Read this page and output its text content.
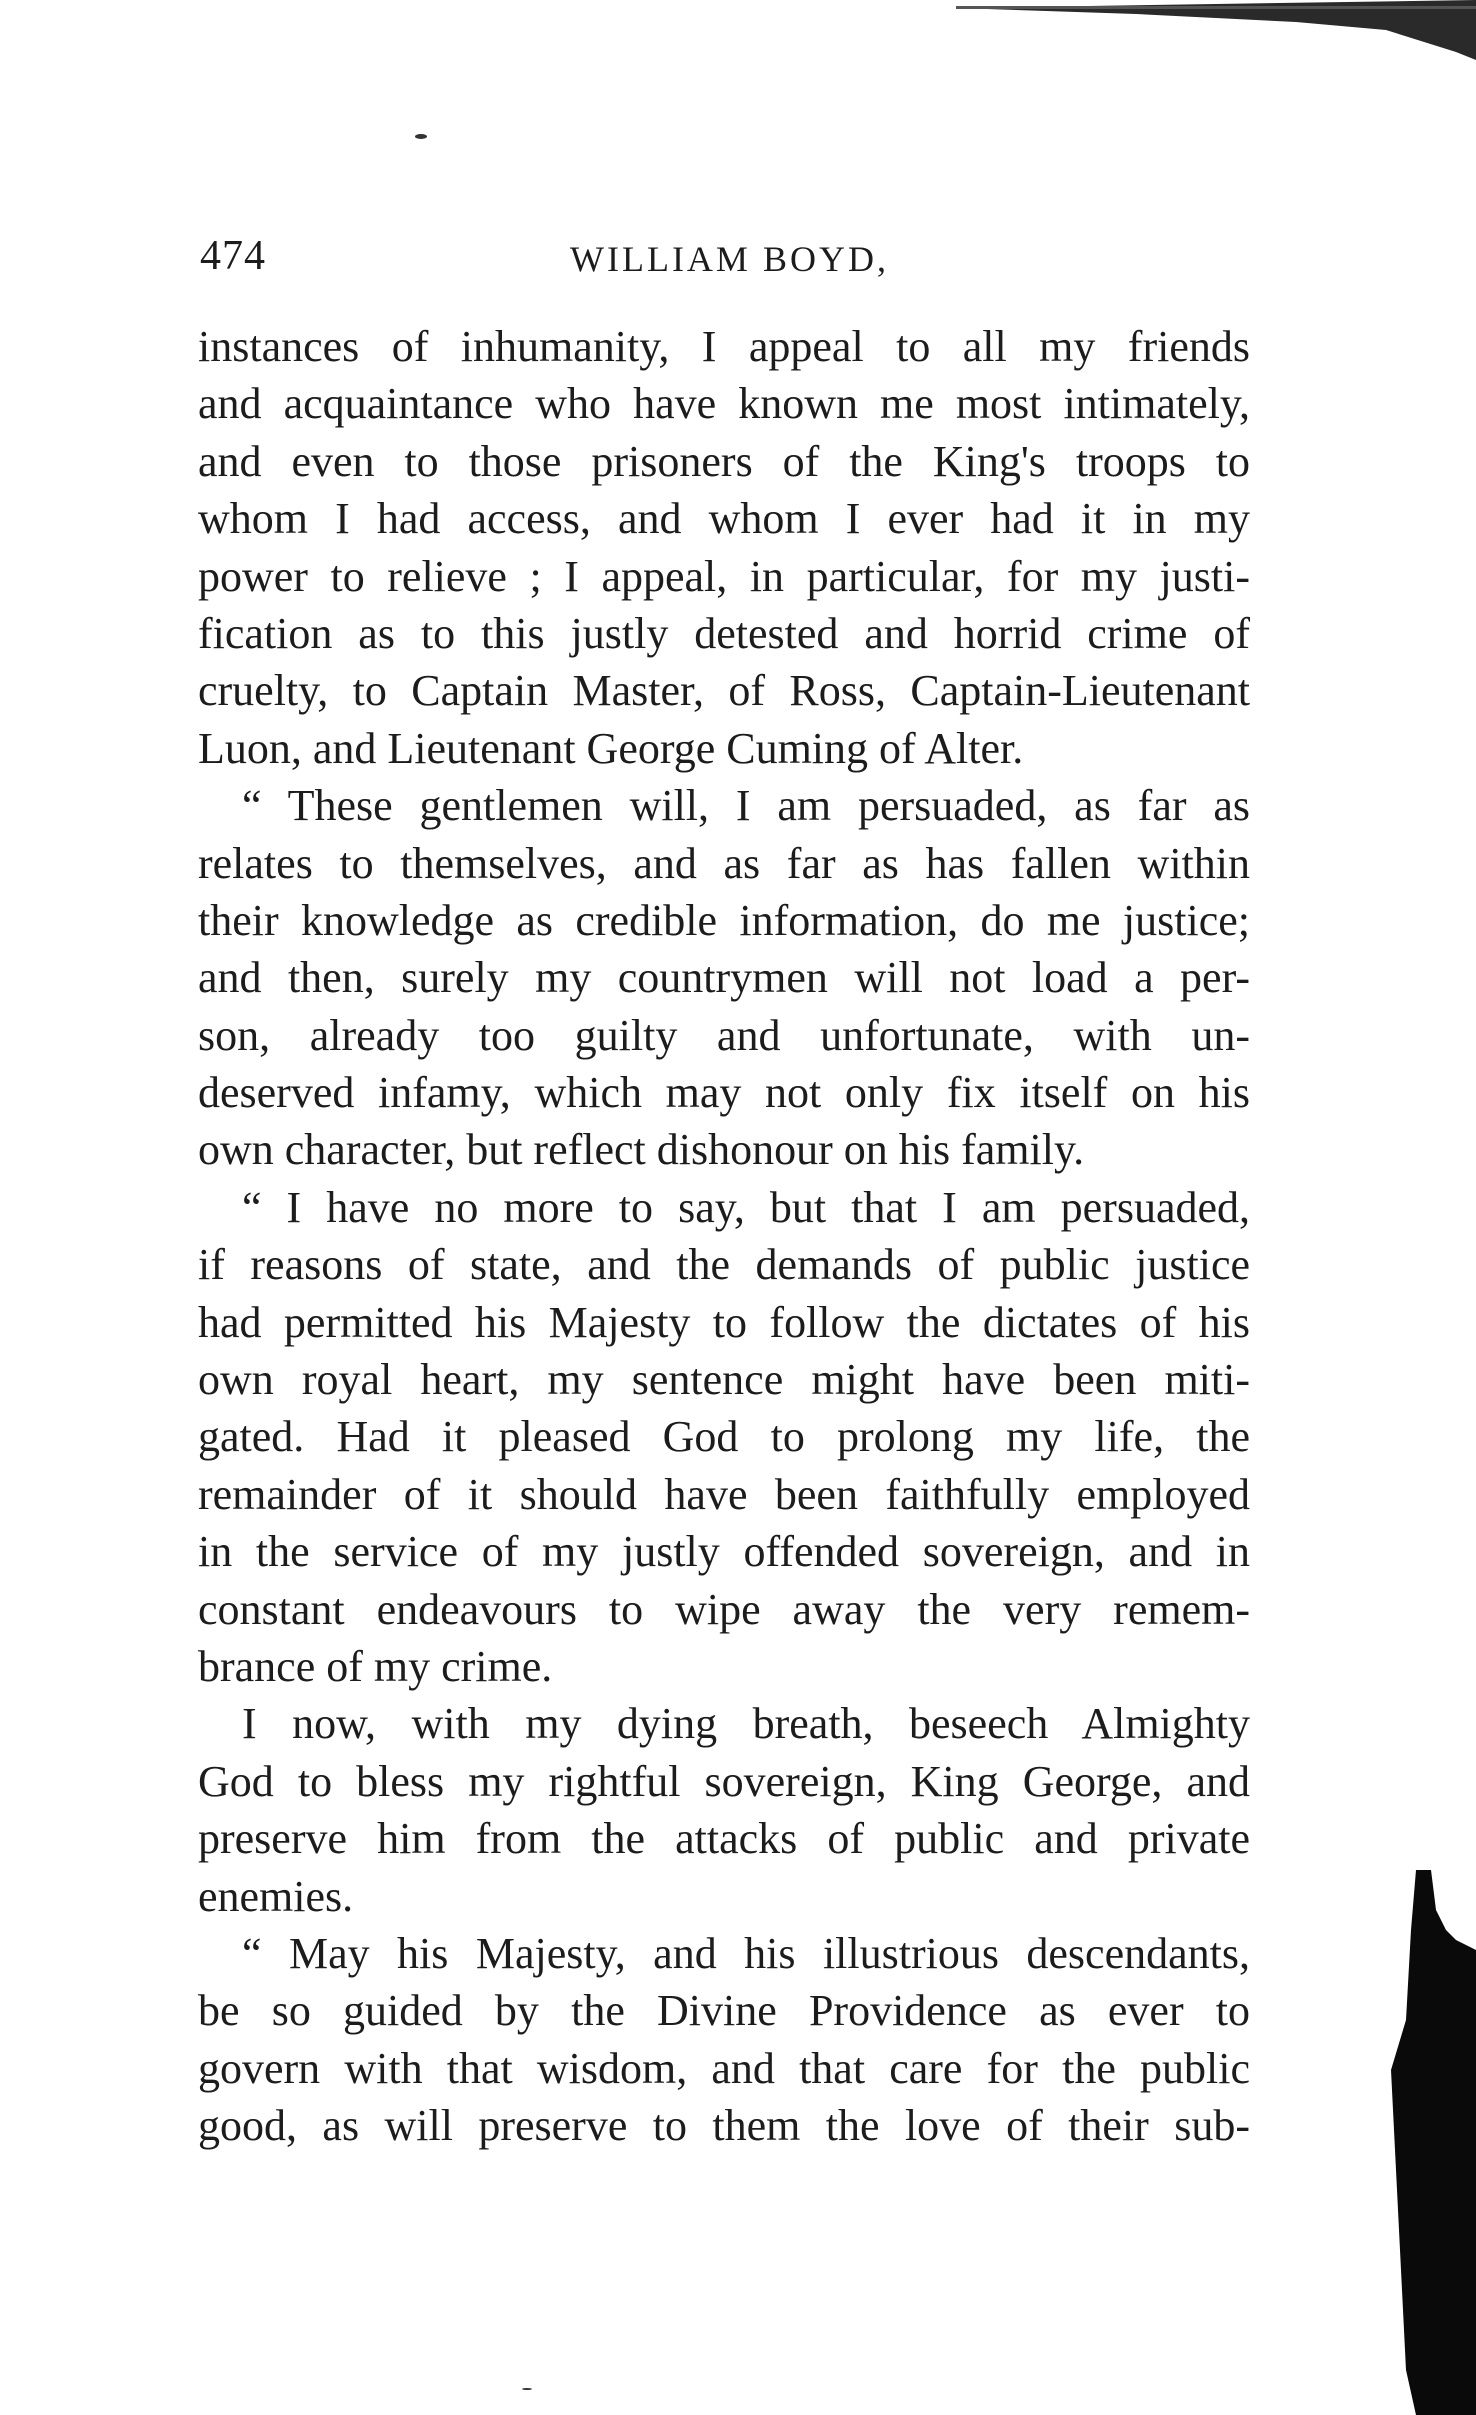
474	WILLIAM BOYD,
instances of inhumanity, I appeal to all my friends
and acquaintance who have known me most intimately,
and even to those prisoners of the King's troops to
whom I had access, and whom I ever had it in my
power to relieve ; I appeal, in particular, for my justi-
fication as to this justly detested and horrid crime of
cruelty, to Captain Master, of Ross, Captain-Lieutenant
Luon, and Lieutenant George Cuming of Alter.
“ These gentlemen will, I am persuaded, as far as
relates to themselves, and as far as has fallen within
their knowledge as credible information, do me justice;
and then, surely my countrymen will not load a per-
son, already too guilty and unfortunate, with un-
deserved infamy, which may not only fix itself on his
own character, but reflect dishonour on his family.
“ I have no more to say, but that I am persuaded,
if reasons of state, and the demands of public justice
had permitted his Majesty to follow the dictates of his
own royal heart, my sentence might have been miti-
gated. Had it pleased God to prolong my life, the
remainder of it should have been faithfully employed
in the service of my justly offended sovereign, and in
constant endeavours to wipe away the very remem-
brance of my crime.
I now, with my dying breath, beseech Almighty
God to bless my rightful sovereign, King George, and
preserve him from the attacks of public and private
enemies.
“ May his Majesty, and his illustrious descendants,
be so guided by the Divine Providence as ever to
govern with that wisdom, and that care for the public
good, as will preserve to them the love of their sub-
